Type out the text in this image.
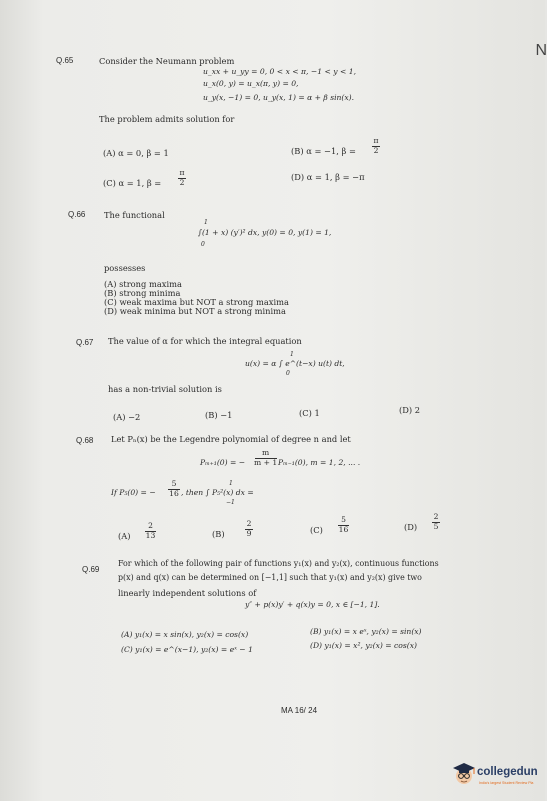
N
Q.65	Consider the Neumann problem
u_xx + u_yy = 0, 0 < x < π, −1 < y < 1,
u_x(0, y) = u_x(π, y) = 0,
u_y(x, −1) = 0, u_y(x, 1) = α + β sin(x).
The problem admits solution for
(A) α = 0, β = 1	(B) α = −1, β =
π
2
(C) α = 1, β =
π
2
(D) α = 1, β = −π
Q.66 The functional
1
∫(1 + x) (y′)² dx, y(0) = 0, y(1) = 1,
0
possesses
(A) strong maxima
(B) strong minima
(C) weak maxima but NOT a strong maxima
(D) weak minima but NOT a strong minima
Q.67 The value of α for which the integral equation
1
u(x) = α ∫ e^(t−x) u(t) dt,
0
has a non-trivial solution is
(A) −2	(B) −1	(C) 1	(D) 2
Q.68 Let Pₙ(x) be the Legendre polynomial of degree n and let
Pₘ₊₁(0) = −
m
m + 1 Pₘ₋₁(0), m = 1, 2, ... .
If P₅(0) = −
5
16 , then ∫ P₅²(x) dx =
1
−1
(A)
2
13	(B)
2
9	(C)
5
16	(D)
2
5
Q.69
For which of the following pair of functions y₁(x) and y₂(x), continuous functions
p(x) and q(x) can be determined on [−1,1] such that y₁(x) and y₂(x) give two
linearly independent solutions of
y″ + p(x)y′ + q(x)y = 0, x ∈ [−1, 1].
(A) y₁(x) = x sin(x), y₂(x) = cos(x)	(B) y₁(x) = x eˣ, y₂(x) = sin(x)
(C) y₁(x) = e^(x−1), y₂(x) = eˣ − 1	(D) y₁(x) = x², y₂(x) = cos(x)
MA 16/ 24
collegedun
India's largest Student Review Pla
